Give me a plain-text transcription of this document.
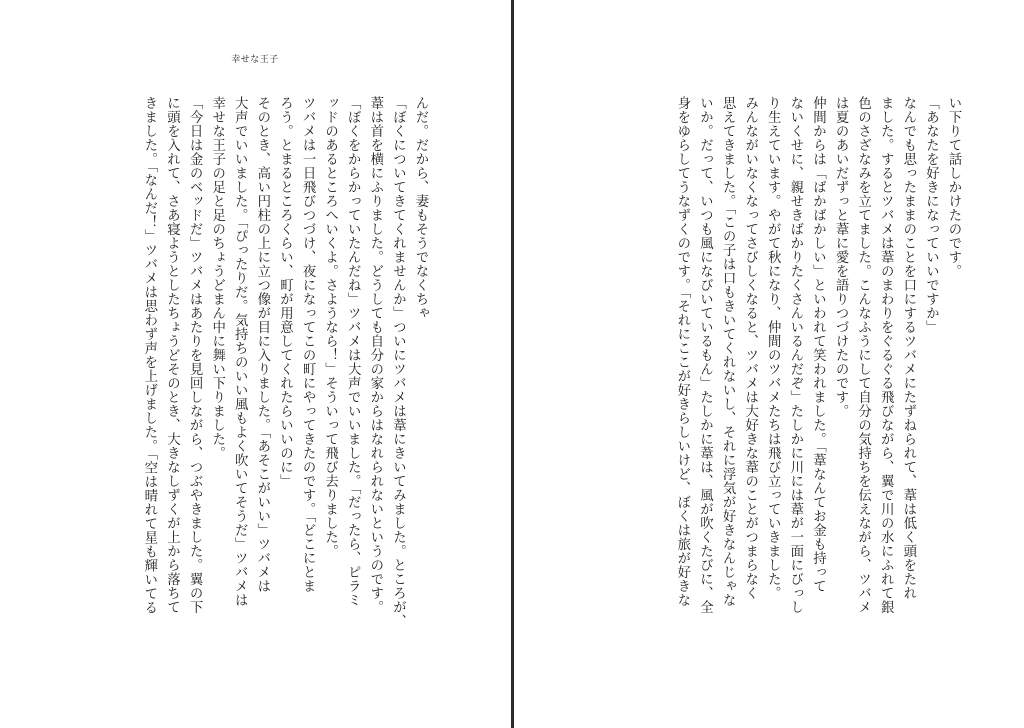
幸せな王子
んだ。だから、妻もそうでなくちゃ
「ぼくについてきてくれませんか」ついにツバメは葦にきいてみました。ところが、
葦は首を横にふりました。どうしても自分の家からはなれられないというのです。
「ぼくをからかっていたんだね」ツバメは大声でいいました。「だったら、ピラミ
ッドのあるところへいくよ。さようなら！」そういって飛び去りました。
ツバメは一日飛びつづけ、夜になってこの町にやってきたのです。「どこにとま
ろう。とまるところくらい、町が用意してくれたらいいのに」
そのとき、高い円柱の上に立つ像が目に入りました。「あそこがいい」ツバメは
大声でいいました。「ぴったりだ。気持ちのいい風もよく吹いてそうだ」ツバメは
幸せな王子の足と足のちょうどまん中に舞い下りました。
「今日は金のベッドだ」ツバメはあたりを見回しながら、つぶやきました。翼の下
に頭を入れて、さあ寝ようとしたちょうどそのとき、大きなしずくが上から落ちて
きました。「なんだ！」ツバメは思わず声を上げました。「空は晴れて星も輝いてる	い下りて話しかけたのです。
「あなたを好きになっていいですか」
なんでも思ったままのことを口にするツバメにたずねられて、葦は低く頭をたれ
ました。するとツバメは葦のまわりをぐるぐる飛びながら、翼で川の水にふれて銀
色のさざなみを立てました。こんなふうにして自分の気持ちを伝えながら、ツバメ
は夏のあいだずっと葦に愛を語りつづけたのです。
仲間からは「ばかばかしい」といわれて笑われました。「葦なんてお金も持って
ないくせに、親せきばかりたくさんいるんだぞ」たしかに川には葦が一面にびっし
り生えています。やがて秋になり、仲間のツバメたちは飛び立っていきました。
みんながいなくなってさびしくなると、ツバメは大好きな葦のことがつまらなく
思えてきました。「この子は口もきいてくれないし、それに浮気が好きなんじゃな
いか。だって、いつも風になびいているもん」たしかに葦は、風が吹くたびに、全
身をゆらしてうなずくのです。「それにここが好きらしいけど、ぼくは旅が好きな
